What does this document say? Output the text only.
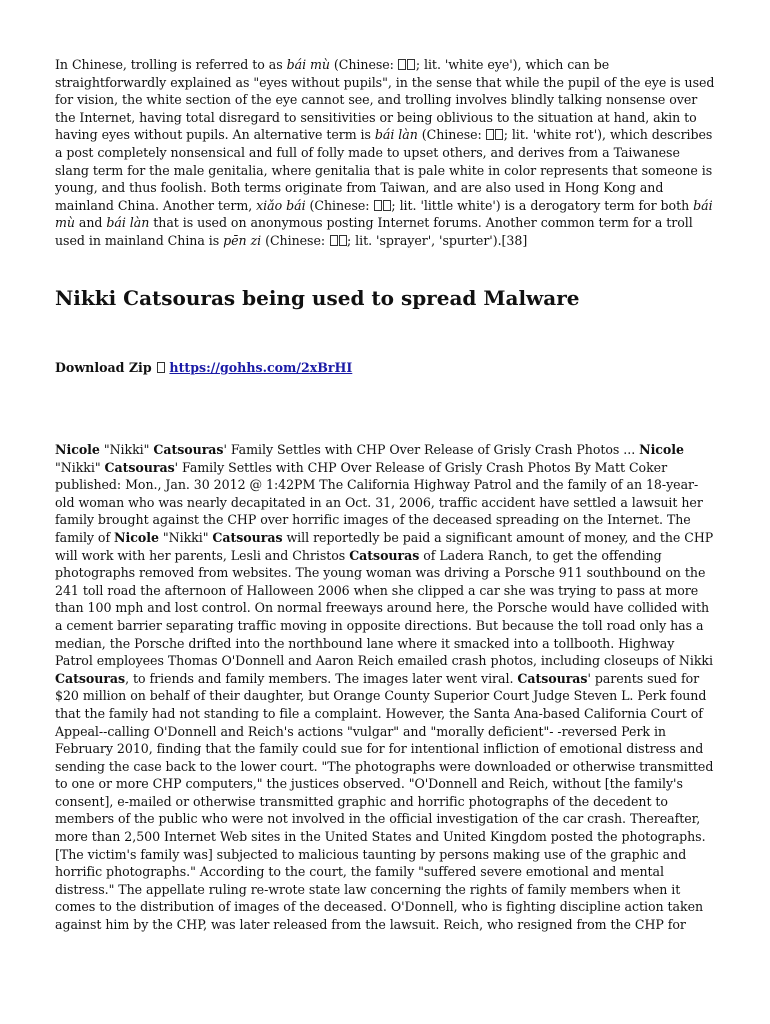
In Chinese, trolling is referred to as bái mù (Chinese: ; lit. 'white eye'), which can be straightforwardly explained as "eyes without pupils", in the sense that while the pupil of the eye is used for vision, the white section of the eye cannot see, and trolling involves blindly talking nonsense over the Internet, having total disregard to sensitivities or being oblivious to the situation at hand, akin to having eyes without pupils. An alternative term is bái làn (Chinese: ; lit. 'white rot'), which describes a post completely nonsensical and full of folly made to upset others, and derives from a Taiwanese slang term for the male genitalia, where genitalia that is pale white in color represents that someone is young, and thus foolish. Both terms originate from Taiwan, and are also used in Hong Kong and mainland China. Another term, xiǎo bái (Chinese: ; lit. 'little white') is a derogatory term for both bái mù and bái làn that is used on anonymous posting Internet forums. Another common term for a troll used in mainland China is pēn zi (Chinese: ; lit. 'sprayer', 'spurter').[38]

Nikki Catsouras being used to spread Malware
Download Zip https://gohhs.com/2xBrHI

Nicole "Nikki" Catsouras' Family Settles with CHP Over Release of Grisly Crash Photos ... Nicole "Nikki" Catsouras' Family Settles with CHP Over Release of Grisly Crash Photos By Matt Coker published: Mon., Jan. 30 2012 @ 1:42PM The California Highway Patrol and the family of an 18-year-old woman who was nearly decapitated in an Oct. 31, 2006, traffic accident have settled a lawsuit her family brought against the CHP over horrific images of the deceased spreading on the Internet. The family of Nicole "Nikki" Catsouras will reportedly be paid a significant amount of money, and the CHP will work with her parents, Lesli and Christos Catsouras of Ladera Ranch, to get the offending photographs removed from websites. The young woman was driving a Porsche 911 southbound on the 241 toll road the afternoon of Halloween 2006 when she clipped a car she was trying to pass at more than 100 mph and lost control. On normal freeways around here, the Porsche would have collided with a cement barrier separating traffic moving in opposite directions. But because the toll road only has a median, the Porsche drifted into the northbound lane where it smacked into a tollbooth. Highway Patrol employees Thomas O'Donnell and Aaron Reich emailed crash photos, including closeups of Nikki Catsouras, to friends and family members. The images later went viral. Catsouras' parents sued for $20 million on behalf of their daughter, but Orange County Superior Court Judge Steven L. Perk found that the family had not standing to file a complaint. However, the Santa Ana-based California Court of Appeal--calling O'Donnell and Reich's actions "vulgar" and "morally deficient"- -reversed Perk in February 2010, finding that the family could sue for for intentional infliction of emotional distress and sending the case back to the lower court. "The photographs were downloaded or otherwise transmitted to one or more CHP computers," the justices observed. "O'Donnell and Reich, without [the family's consent], e-mailed or otherwise transmitted graphic and horrific photographs of the decedent to members of the public who were not involved in the official investigation of the car crash. Thereafter, more than 2,500 Internet Web sites in the United States and United Kingdom posted the photographs. [The victim's family was] subjected to malicious taunting by persons making use of the graphic and horrific photographs." According to the court, the family "suffered severe emotional and mental distress." The appellate ruling re-wrote state law concerning the rights of family members when it comes to the distribution of images of the deceased. O'Donnell, who is fighting discipline action taken against him by the CHP, was later released from the lawsuit. Reich, who resigned from the CHP for
